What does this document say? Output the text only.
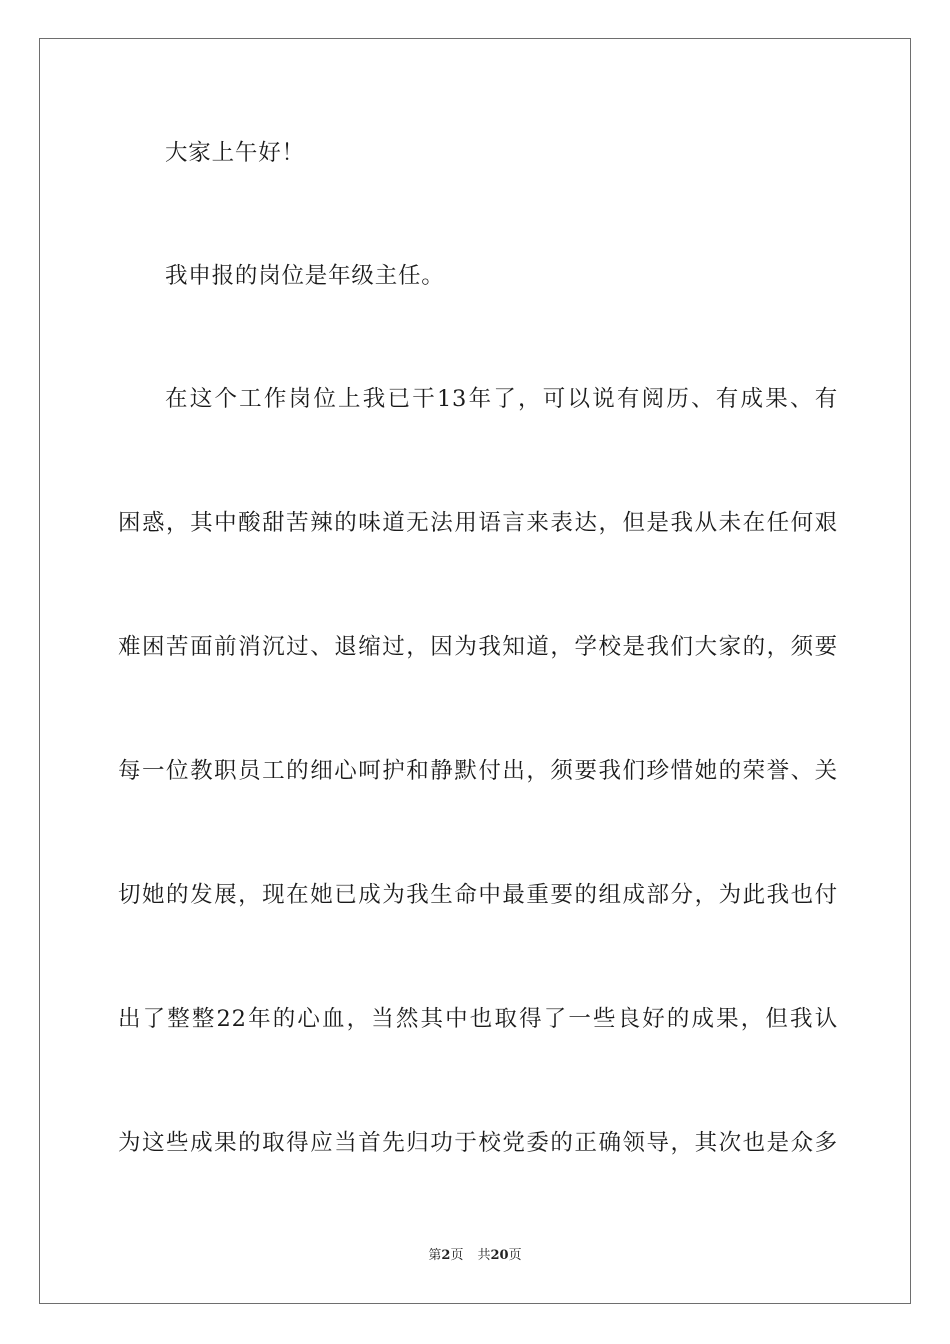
大家上午好！
我申报的岗位是年级主任。
在这个工作岗位上我已干13年了，可以说有阅历、有成果、有
困惑，其中酸甜苦辣的味道无法用语言来表达，但是我从未在任何艰
难困苦面前消沉过、退缩过，因为我知道，学校是我们大家的，须要
每一位教职员工的细心呵护和静默付出，须要我们珍惜她的荣誉、关
切她的发展，现在她已成为我生命中最重要的组成部分，为此我也付
出了整整22年的心血，当然其中也取得了一些良好的成果，但我认
为这些成果的取得应当首先归功于校党委的正确领导，其次也是众多
第2页 共20页
